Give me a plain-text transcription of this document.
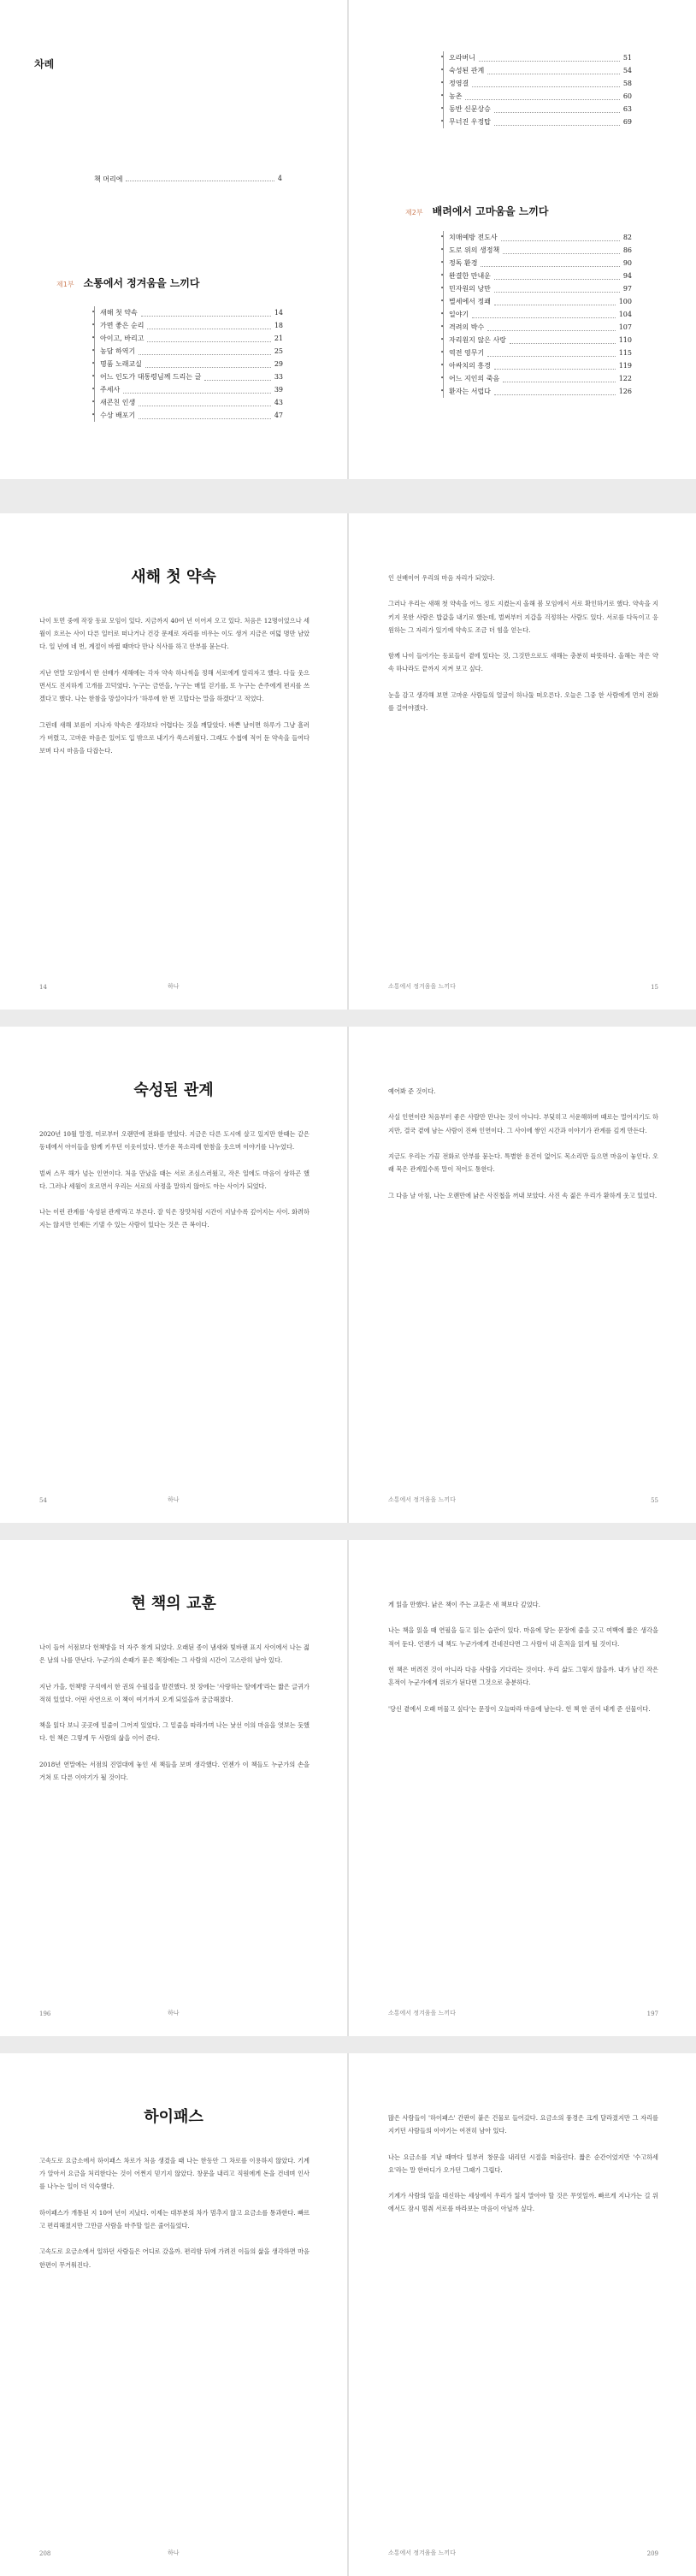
차례
책 머리에	4
제1부 소통에서 정겨움을 느끼다
• 새해 첫 약속	14
• 가면 좋은 순리	18
• 아이고, 바리고	21
• 농담 하역기	25
• 명품 노래교실	29
• 어느 인도가 대통령님께 드리는 글	33
• 주세사	39
• 새콘친 인생	43
• 수상 배포기	47
• 오라버니	51
• 숙성된 관계	54
• 정영결	58
• 농촌	60
• 동반 신문상승	63
• 무너진 우정탑	69
제2부 배려에서 고마움을 느끼다
• 치매예방 전도사	82
• 도로 위의 생정책	86
• 정독 환경	90
• 완결한 만내운	94
• 민자원의 낭만	97
• 별세에서 정쾌	100
• 일야기	104
• 격려의 박수	107
• 자리원지 않은 사랑	110
• 역전 영무기	115
• 아싸치의 흥경	119
• 어느 지인의 죽음	122
• 환자는 서럽다	126
새해 첫 약속
나이 토먼 중에 작장 동료 모임이 있다. 지금까지 40여 년 이어져 오고 있다. 처음은 12명이었으나 세월이 흐르는 사이 다른 일터로 떠나거나 건강 문제로 자리를 비우는 이도 생겨 지금은 여덟 명만 남았다. 일 년에 네 번, 계절이 바뀔 때마다 만나 식사를 하고 안부를 묻는다.

지난 연말 모임에서 한 선배가 새해에는 각자 약속 하나씩을 정해 서로에게 알리자고 했다. 다들 웃으면서도 진지하게 고개를 끄덕였다. 누구는 금연을, 누구는 매일 걷기를, 또 누구는 손주에게 편지를 쓰겠다고 했다. 나는 한참을 망설이다가 '하루에 한 번 고맙다는 말을 하겠다'고 적었다.

그런데 새해 보름이 지나자 약속은 생각보다 어렵다는 것을 깨달았다. 바쁜 날이면 하루가 그냥 흘러가 버렸고, 고마운 마음은 있어도 입 밖으로 내기가 쑥스러웠다. 그래도 수첩에 적어 둔 약속을 들여다보며 다시 마음을 다잡는다.
14	하나
인 선배이어 우리의 마음 자리가 되었다.

그러나 우리는 새해 첫 약속을 어느 정도 지켰는지 올해 봄 모임에서 서로 확인하기로 했다. 약속을 지키지 못한 사람은 밥값을 내기로 했는데, 벌써부터 지갑을 걱정하는 사람도 있다. 서로를 다독이고 응원하는 그 자리가 있기에 약속도 조금 더 힘을 얻는다.

함께 나이 들어가는 동료들이 곁에 있다는 것, 그것만으로도 새해는 충분히 따뜻하다. 올해는 작은 약속 하나라도 끝까지 지켜 보고 싶다.

눈을 감고 생각해 보면 고마운 사람들의 얼굴이 하나둘 떠오른다. 오늘은 그중 한 사람에게 먼저 전화를 걸어야겠다.
소통에서 정겨움을 느끼다	15
숙성된 관계
2020년 10월 말경, 미로부터 오랜만에 전화를 받았다. 지금은 다른 도시에 살고 있지만 한때는 같은 동네에서 아이들을 함께 키우던 이웃이었다. 반가운 목소리에 한참을 웃으며 이야기를 나누었다.

벌써 스무 해가 넘는 인연이다. 처음 만났을 때는 서로 조심스러웠고, 작은 일에도 마음이 상하곤 했다. 그러나 세월이 흐르면서 우리는 서로의 사정을 말하지 않아도 아는 사이가 되었다.

나는 이런 관계를 '숙성된 관계'라고 부른다. 잘 익은 장맛처럼 시간이 지날수록 깊어지는 사이. 화려하지는 않지만 언제든 기댈 수 있는 사람이 있다는 것은 큰 복이다.
54	하나
예어봐 준 것이다.

사실 인연이란 처음부터 좋은 사람만 만나는 것이 아니다. 부딪히고 서운해하며 때로는 멀어지기도 하지만, 결국 곁에 남는 사람이 진짜 인연이다. 그 사이에 쌓인 시간과 이야기가 관계를 깊게 만든다.

지금도 우리는 가끔 전화로 안부를 묻는다. 특별한 용건이 없어도 목소리만 들으면 마음이 놓인다. 오래 묵은 관계일수록 말이 적어도 통한다.

그 다음 날 아침, 나는 오랜만에 낡은 사진첩을 꺼내 보았다. 사진 속 젊은 우리가 환하게 웃고 있었다.
소통에서 정겨움을 느끼다	55
현 책의 교훈
나이 들어 서점보다 헌책방을 더 자주 찾게 되었다. 오래된 종이 냄새와 빛바랜 표지 사이에서 나는 젊은 날의 나를 만난다. 누군가의 손때가 묻은 책장에는 그 사람의 시간이 고스란히 남아 있다.

지난 가을, 헌책방 구석에서 한 권의 수필집을 발견했다. 첫 장에는 '사랑하는 딸에게'라는 짧은 글귀가 적혀 있었다. 어떤 사연으로 이 책이 여기까지 오게 되었을까 궁금해졌다.

책을 읽다 보니 곳곳에 밑줄이 그어져 있었다. 그 밑줄을 따라가며 나는 낯선 이의 마음을 엿보는 듯했다. 헌 책은 그렇게 두 사람의 삶을 이어 준다.

2018년 연말에는 서점의 진열대에 놓인 새 책들을 보며 생각했다. 언젠가 이 책들도 누군가의 손을 거쳐 또 다른 이야기가 될 것이다.
196	하나
게 읽을 만했다. 낡은 책이 주는 교훈은 새 책보다 깊었다.

나는 책을 읽을 때 연필을 들고 읽는 습관이 있다. 마음에 닿는 문장에 줄을 긋고 여백에 짧은 생각을 적어 둔다. 언젠가 내 책도 누군가에게 건네진다면 그 사람이 내 흔적을 읽게 될 것이다.

헌 책은 버려진 것이 아니라 다음 사람을 기다리는 것이다. 우리 삶도 그렇지 않을까. 내가 남긴 작은 흔적이 누군가에게 위로가 된다면 그것으로 충분하다.

'당신 곁에서 오래 머물고 싶다'는 문장이 오늘따라 마음에 남는다. 헌 책 한 권이 내게 준 선물이다.
소통에서 정겨움을 느끼다	197
하이패스
고속도로 요금소에서 하이패스 차로가 처음 생겼을 때 나는 한동안 그 차로를 이용하지 않았다. 기계가 알아서 요금을 처리한다는 것이 어쩐지 믿기지 않았다. 창문을 내리고 직원에게 돈을 건네며 인사를 나누는 일이 더 익숙했다.

하이패스가 개통된 지 10여 년이 지났다. 이제는 대부분의 차가 멈추지 않고 요금소를 통과한다. 빠르고 편리해졌지만 그만큼 사람을 마주할 일은 줄어들었다.

고속도로 요금소에서 일하던 사람들은 어디로 갔을까. 편리함 뒤에 가려진 이들의 삶을 생각하면 마음 한편이 무거워진다.
208	하나
많은 사람들이 '하이패스' 간판이 붙은 건물로 들어갔다. 요금소의 풍경은 크게 달라졌지만 그 자리를 지키던 사람들의 이야기는 여전히 남아 있다.

나는 요금소를 지날 때마다 일부러 창문을 내리던 시절을 떠올린다. 짧은 순간이었지만 '수고하세요'라는 말 한마디가 오가던 그때가 그립다.

기계가 사람의 일을 대신하는 세상에서 우리가 잃지 말아야 할 것은 무엇일까. 빠르게 지나가는 길 위에서도 잠시 멈춰 서로를 바라보는 마음이 아닐까 싶다.
소통에서 정겨움을 느끼다	209
